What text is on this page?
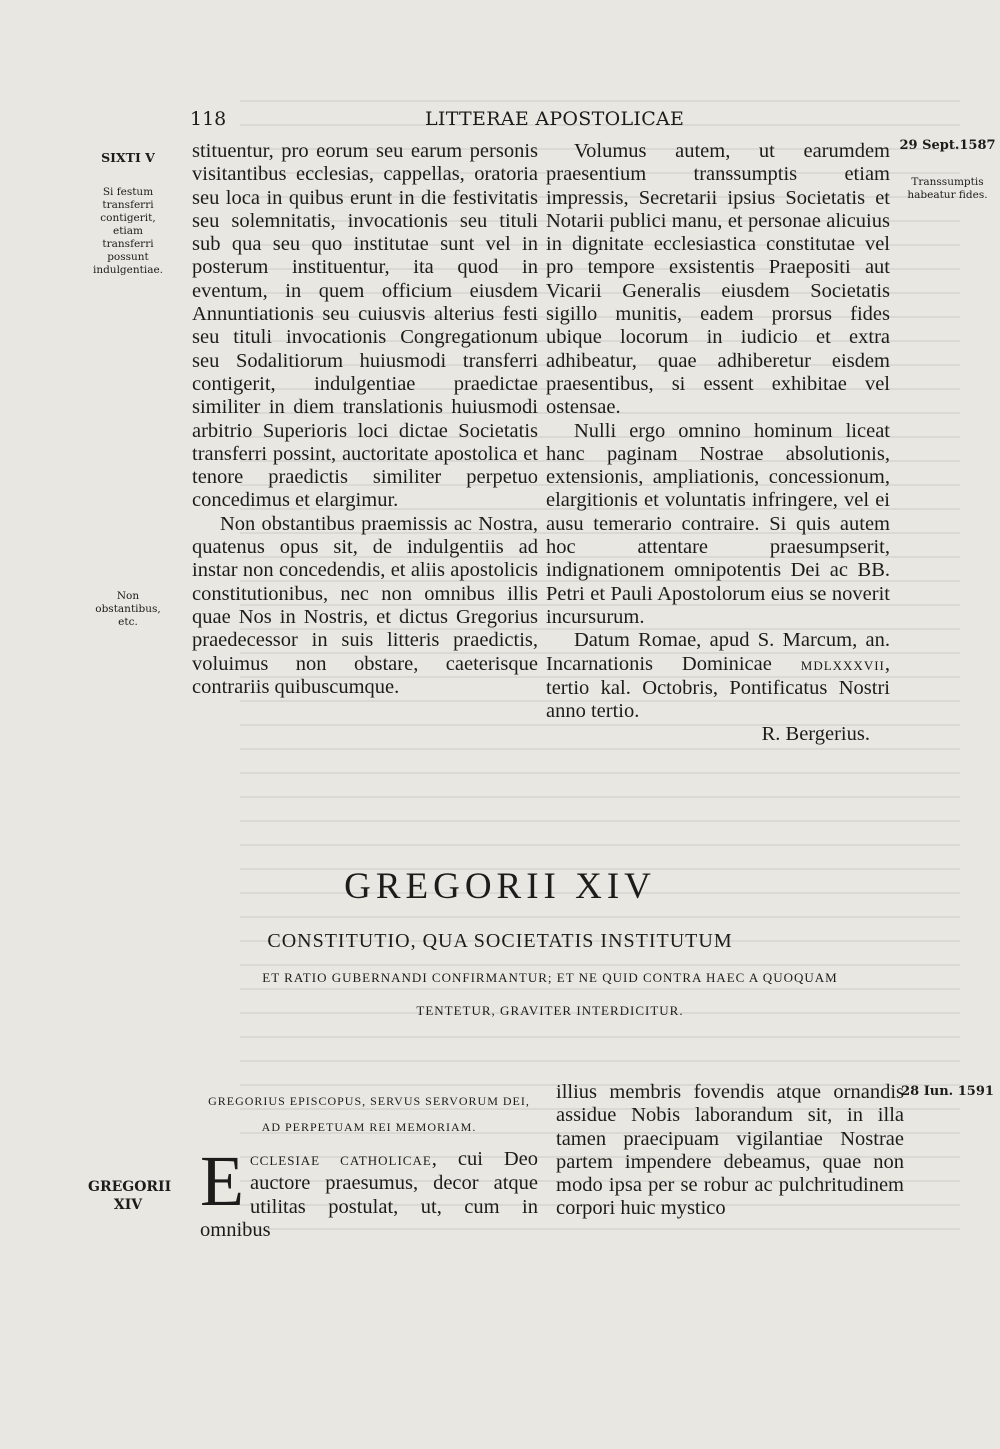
118	LITTERAE APOSTOLICAE
SIXTI V
Si festum transferri contigerit, etiam transferri possunt indulgentiae.
Non obstantibus, etc.
GREGORII XIV
29 Sept.1587
Transsumptis habeatur fides.
28 Iun. 1591

stituentur, pro eorum seu earum personis visitantibus ecclesias, cappellas, oratoria seu loca in quibus erunt in die festivitatis seu solemnitatis, invocationis seu tituli sub qua seu quo institutae sunt vel in posterum instituentur, ita quod in eventum, in quem officium eiusdem Annuntiationis seu cuiusvis alterius festi seu tituli invocationis Congregationum seu Sodalitiorum huiusmodi transferri contigerit, indulgentiae praedictae similiter in diem translationis huiusmodi arbitrio Superioris loci dictae Societatis transferri possint, auctoritate apostolica et tenore praedictis similiter perpetuo concedimus et elargimur.

Non obstantibus praemissis ac Nostra, quatenus opus sit, de indulgentiis ad instar non concedendis, et aliis apostolicis constitutionibus, nec non omnibus illis quae Nos in Nostris, et dictus Gregorius praedecessor in suis litteris praedictis, voluimus non obstare, caeterisque contrariis quibuscumque.

Volumus autem, ut earumdem praesentium transsumptis etiam impressis, Secretarii ipsius Societatis et Notarii publici manu, et personae alicuius in dignitate ecclesiastica constitutae vel pro tempore exsistentis Praepositi aut Vicarii Generalis eiusdem Societatis sigillo munitis, eadem prorsus fides ubique locorum in iudicio et extra adhibeatur, quae adhiberetur eisdem praesentibus, si essent exhibitae vel ostensae.

Nulli ergo omnino hominum liceat hanc paginam Nostrae absolutionis, extensionis, ampliationis, concessionum, elargitionis et voluntatis infringere, vel ei ausu temerario contraire. Si quis autem hoc attentare praesumpserit, indignationem omnipotentis Dei ac BB. Petri et Pauli Apostolorum eius se noverit incursurum.

Datum Romae, apud S. Marcum, an. Incarnationis Dominicae MDLXXXVII, tertio kal. Octobris, Pontificatus Nostri anno tertio.

R. Bergerius.

GREGORII XIV
CONSTITUTIO, QUA SOCIETATIS INSTITUTUM
ET RATIO GUBERNANDI CONFIRMANTUR; ET NE QUID CONTRA HAEC A QUOQUAM
TENTETUR, GRAVITER INTERDICITUR.

GREGORIUS EPISCOPUS, SERVUS SERVORUM DEI, AD PERPETUAM REI MEMORIAM.

ECCLESIAE CATHOLICAE, cui Deo auctore praesumus, decor atque utilitas postulat, ut, cum in omnibus

illius membris fovendis atque ornandis assidue Nobis laborandum sit, in illa tamen praecipuam vigilantiae Nostrae partem impendere debeamus, quae non modo ipsa per se robur ac pulchritudinem corpori huic mystico
